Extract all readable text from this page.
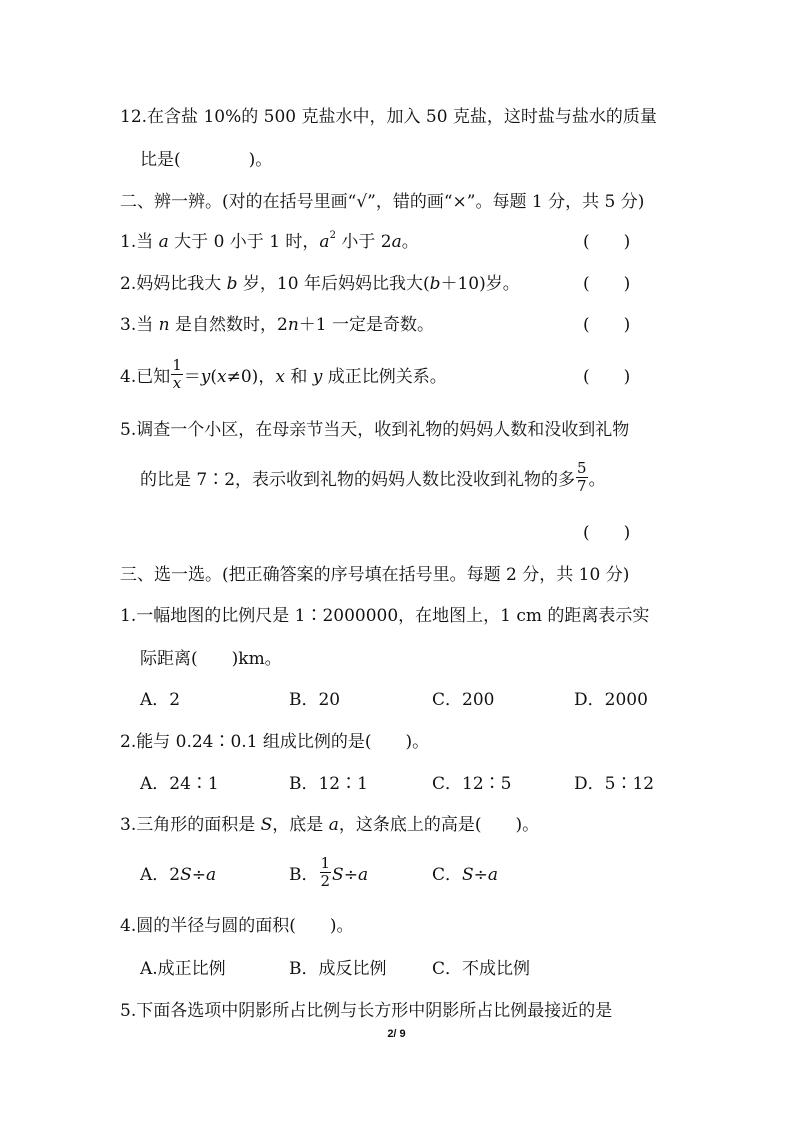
12.在含盐 10%的 500 克盐水中，加入 50 克盐，这时盐与盐水的质量
比是(　　　　)。
二、辨一辨。(对的在括号里画“√”，错的画“×”。每题 1 分，共 5 分)
1.当 a 大于 0 小于 1 时，$a^2$ 小于 2a。	(　　)
2.妈妈比我大 b 岁，10 年后妈妈比我大(b＋10)岁。	(　　)
3.当 n 是自然数时，2n＋1 一定是奇数。	(　　)
4.已知 $\frac{1}{x} =y(x\ne 0)$，x 和 y 成正比例关系。	(　　)
5.调查一个小区，在母亲节当天，收到礼物的妈妈人数和没收到礼物
的比是 7∶2，表示收到礼物的妈妈人数比没收到礼物的多 $\frac{5}{7}$ 。
(　　)
三、选一选。(把正确答案的序号填在括号里。每题 2 分，共 10 分)
1.一幅地图的比例尺是 1∶2000000，在地图上，1 cm 的距离表示实
际距离(　　)km。
A．2	B．20	C．200	D．2000
2.能与 0.24∶0.1 组成比例的是(　　)。
A．24∶1	B．12∶1	C．12∶5	D．5∶12
3.三角形的面积是 S，底是 a，这条底上的高是(　　)。
A．2S÷a	B． $\frac{1}{2} S\div a$	C．S÷a
4.圆的半径与圆的面积(　　)。
A.成正比例	B．成反比例	C．不成比例
5.下面各选项中阴影所占比例与长方形中阴影所占比例最接近的是
2/ 9
